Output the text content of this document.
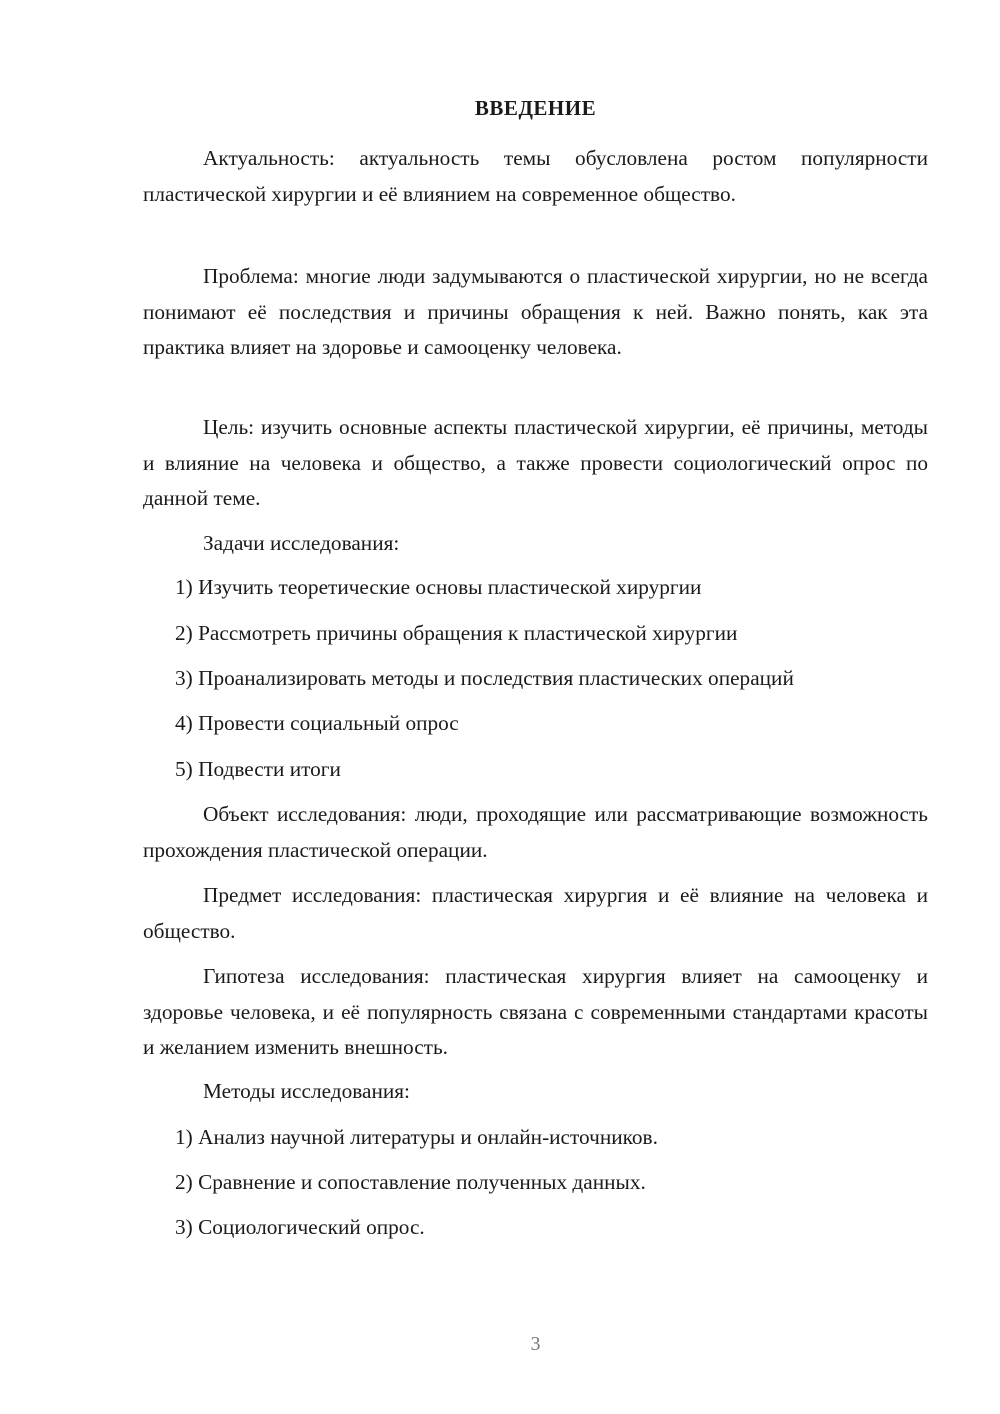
ВВЕДЕНИЕ

Актуальность: актуальность темы обусловлена ростом популярности пластической хирургии и её влиянием на современное общество.

Проблема: многие люди задумываются о пластической хирургии, но не всегда понимают её последствия и причины обращения к ней. Важно понять, как эта практика влияет на здоровье и самооценку человека.

Цель: изучить основные аспекты пластической хирургии, её причины, методы и влияние на человека и общество, а также провести социологический опрос по данной теме.

Задачи исследования:

1) Изучить теоретические основы пластической хирургии

2) Рассмотреть причины обращения к пластической хирургии

3) Проанализировать методы и последствия пластических операций

4) Провести социальный опрос

5) Подвести итоги

Объект исследования: люди, проходящие или рассматривающие возможность прохождения пластической операции.

Предмет исследования: пластическая хирургия и её влияние на человека и общество.

Гипотеза исследования: пластическая хирургия влияет на самооценку и здоровье человека, и её популярность связана с современными стандартами красоты и желанием изменить внешность.

Методы исследования:

1) Анализ научной литературы и онлайн-источников.

2) Сравнение и сопоставление полученных данных.

3) Социологический опрос.

3
